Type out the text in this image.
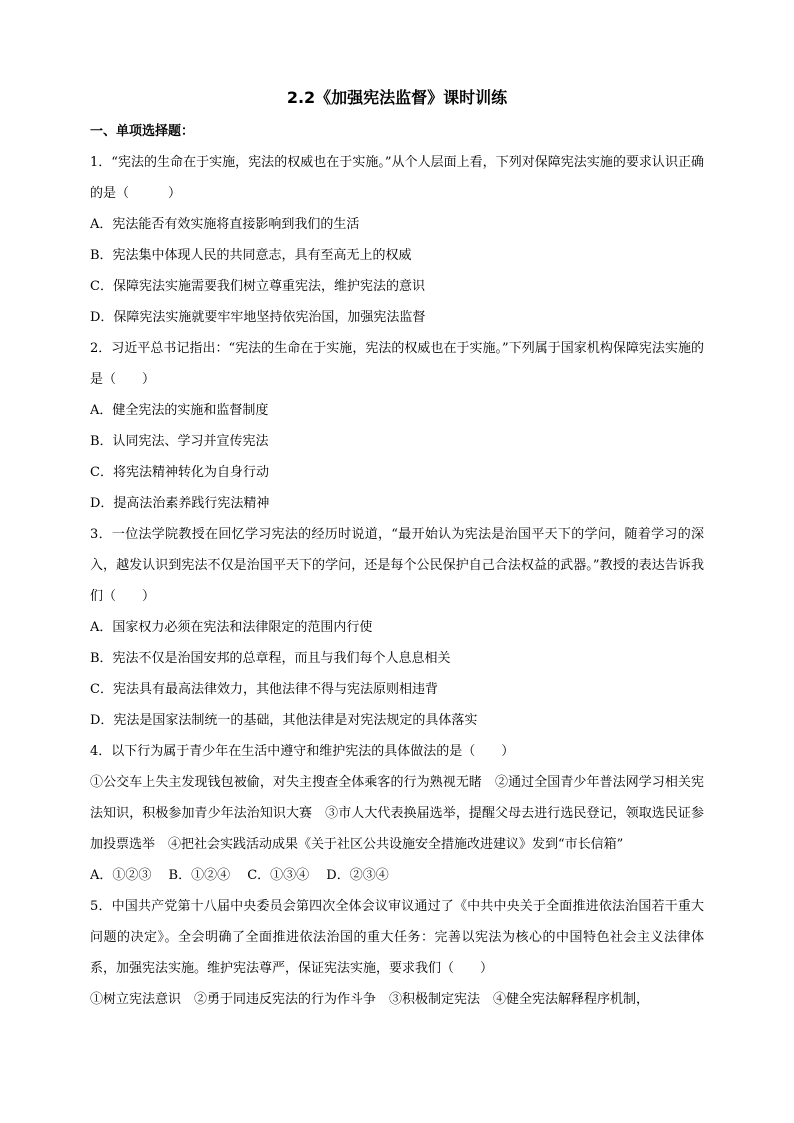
2.2《加强宪法监督》课时训练

一、单项选择题：

1．“宪法的生命在于实施，宪法的权威也在于实施。”从个人层面上看，下列对保障宪法实施的要求认识正确的是（　　　）

A．宪法能否有效实施将直接影响到我们的生活

B．宪法集中体现人民的共同意志，具有至高无上的权威

C．保障宪法实施需要我们树立尊重宪法，维护宪法的意识

D．保障宪法实施就要牢牢地坚持依宪治国，加强宪法监督

2．习近平总书记指出：“宪法的生命在于实施，宪法的权威也在于实施。”下列属于国家机构保障宪法实施的是（　　）

A．健全宪法的实施和监督制度

B．认同宪法、学习并宣传宪法

C．将宪法精神转化为自身行动

D．提高法治素养践行宪法精神

3．一位法学院教授在回忆学习宪法的经历时说道，“最开始认为宪法是治国平天下的学问，随着学习的深入，越发认识到宪法不仅是治国平天下的学问，还是每个公民保护自己合法权益的武器。”教授的表达告诉我们（　　）

A．国家权力必须在宪法和法律限定的范围内行使

B．宪法不仅是治国安邦的总章程，而且与我们每个人息息相关

C．宪法具有最高法律效力，其他法律不得与宪法原则相违背

D．宪法是国家法制统一的基础，其他法律是对宪法规定的具体落实

4．以下行为属于青少年在生活中遵守和维护宪法的具体做法的是（　　）

①公交车上失主发现钱包被偷，对失主搜查全体乘客的行为熟视无睹　②通过全国青少年普法网学习相关宪法知识，积极参加青少年法治知识大赛　③市人大代表换届选举，提醒父母去进行选民登记，领取选民证参加投票选举　④把社会实践活动成果《关于社区公共设施安全措施改进建议》发到“市长信箱”

A．①②③　 B．①②④　 C．①③④　 D．②③④

5．中国共产党第十八届中央委员会第四次全体会议审议通过了《中共中央关于全面推进依法治国若干重大问题的决定》。全会明确了全面推进依法治国的重大任务：完善以宪法为核心的中国特色社会主义法律体系，加强宪法实施。维护宪法尊严，保证宪法实施，要求我们（　　）

①树立宪法意识　②勇于同违反宪法的行为作斗争　③积极制定宪法　④健全宪法解释程序机制，
